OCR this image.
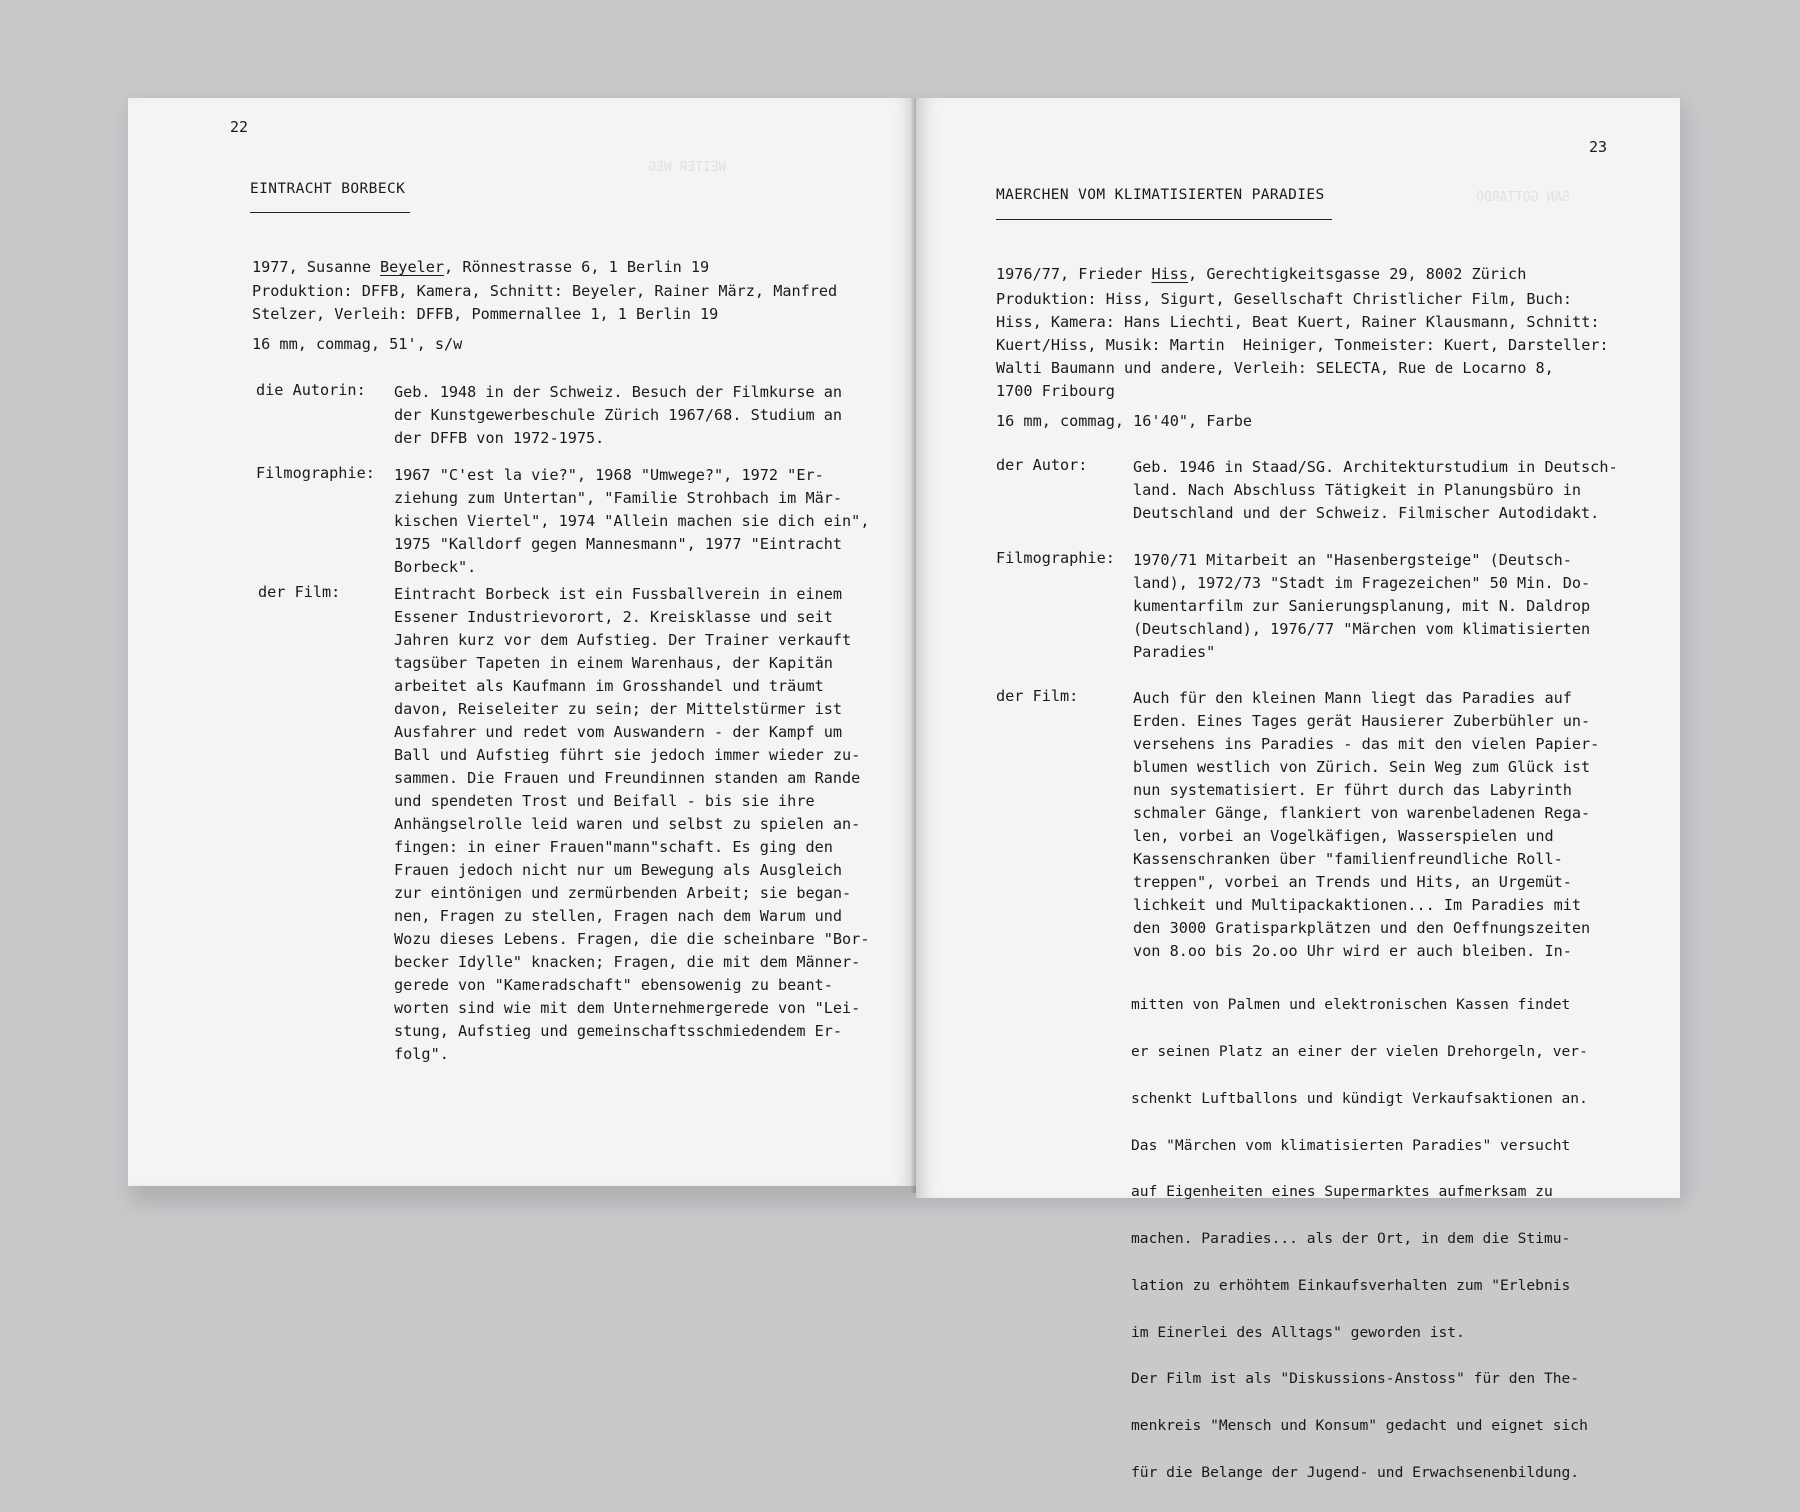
WEITER WEG
22
EINTRACHT BORBECK
1977, Susanne Beyeler, Rönnestrasse 6, 1 Berlin 19
Produktion: DFFB, Kamera, Schnitt: Beyeler, Rainer März, Manfred
Stelzer, Verleih: DFFB, Pommernallee 1, 1 Berlin 19
16 mm, commag, 51', s/w
die Autorin: Geb. 1948 in der Schweiz. Besuch der Filmkurse an
der Kunstgewerbeschule Zürich 1967/68. Studium an
der DFFB von 1972-1975.
Filmographie: 1967 "C'est la vie?", 1968 "Umwege?", 1972 "Er-
ziehung zum Untertan", "Familie Strohbach im Mär-
kischen Viertel", 1974 "Allein machen sie dich ein",
1975 "Kalldorf gegen Mannesmann", 1977 "Eintracht
Borbeck".
der Film:	Eintracht Borbeck ist ein Fussballverein in einem
Essener Industrievorort, 2. Kreisklasse und seit
Jahren kurz vor dem Aufstieg. Der Trainer verkauft
tagsüber Tapeten in einem Warenhaus, der Kapitän
arbeitet als Kaufmann im Grosshandel und träumt
davon, Reiseleiter zu sein; der Mittelstürmer ist
Ausfahrer und redet vom Auswandern - der Kampf um
Ball und Aufstieg führt sie jedoch immer wieder zu-
sammen. Die Frauen und Freundinnen standen am Rande
und spendeten Trost und Beifall - bis sie ihre
Anhängselrolle leid waren und selbst zu spielen an-
fingen: in einer Frauen"mann"schaft. Es ging den
Frauen jedoch nicht nur um Bewegung als Ausgleich
zur eintönigen und zermürbenden Arbeit; sie began-
nen, Fragen zu stellen, Fragen nach dem Warum und
Wozu dieses Lebens. Fragen, die die scheinbare "Bor-
becker Idylle" knacken; Fragen, die mit dem Männer-
gerede von "Kameradschaft" ebensowenig zu beant-
worten sind wie mit dem Unternehmergerede von "Lei-
stung, Aufstieg und gemeinschaftsschmiedendem Er-
folg".
SAN GOTTARDO
23
MAERCHEN VOM KLIMATISIERTEN PARADIES
1976/77, Frieder Hiss, Gerechtigkeitsgasse 29, 8002 Zürich
Produktion: Hiss, Sigurt, Gesellschaft Christlicher Film, Buch:
Hiss, Kamera: Hans Liechti, Beat Kuert, Rainer Klausmann, Schnitt:
Kuert/Hiss, Musik: Martin  Heiniger, Tonmeister: Kuert, Darsteller:
Walti Baumann und andere, Verleih: SELECTA, Rue de Locarno 8,
1700 Fribourg
16 mm, commag, 16'40", Farbe
der Autor:	Geb. 1946 in Staad/SG. Architekturstudium in Deutsch-
land. Nach Abschluss Tätigkeit in Planungsbüro in
Deutschland und der Schweiz. Filmischer Autodidakt.
Filmographie: 1970/71 Mitarbeit an "Hasenbergsteige" (Deutsch-
land), 1972/73 "Stadt im Fragezeichen" 50 Min. Do-
kumentarfilm zur Sanierungsplanung, mit N. Daldrop
(Deutschland), 1976/77 "Märchen vom klimatisierten
Paradies"
der Film:	Auch für den kleinen Mann liegt das Paradies auf
Erden. Eines Tages gerät Hausierer Zuberbühler un-
versehens ins Paradies - das mit den vielen Papier-
blumen westlich von Zürich. Sein Weg zum Glück ist
nun systematisiert. Er führt durch das Labyrinth
schmaler Gänge, flankiert von warenbeladenen Rega-
len, vorbei an Vogelkäfigen, Wasserspielen und
Kassenschranken über "familienfreundliche Roll-
treppen", vorbei an Trends und Hits, an Urgemüt-
lichkeit und Multipackaktionen... Im Paradies mit
den 3000 Gratisparkplätzen und den Oeffnungszeiten
von 8.oo bis 2o.oo Uhr wird er auch bleiben. In-

mitten von Palmen und elektronischen Kassen findet

er seinen Platz an einer der vielen Drehorgeln, ver-

schenkt Luftballons und kündigt Verkaufsaktionen an.

Das "Märchen vom klimatisierten Paradies" versucht

auf Eigenheiten eines Supermarktes aufmerksam zu

machen. Paradies... als der Ort, in dem die Stimu-

lation zu erhöhtem Einkaufsverhalten zum "Erlebnis

im Einerlei des Alltags" geworden ist.

Der Film ist als "Diskussions-Anstoss" für den The-

menkreis "Mensch und Konsum" gedacht und eignet sich

für die Belange der Jugend- und Erwachsenenbildung.
